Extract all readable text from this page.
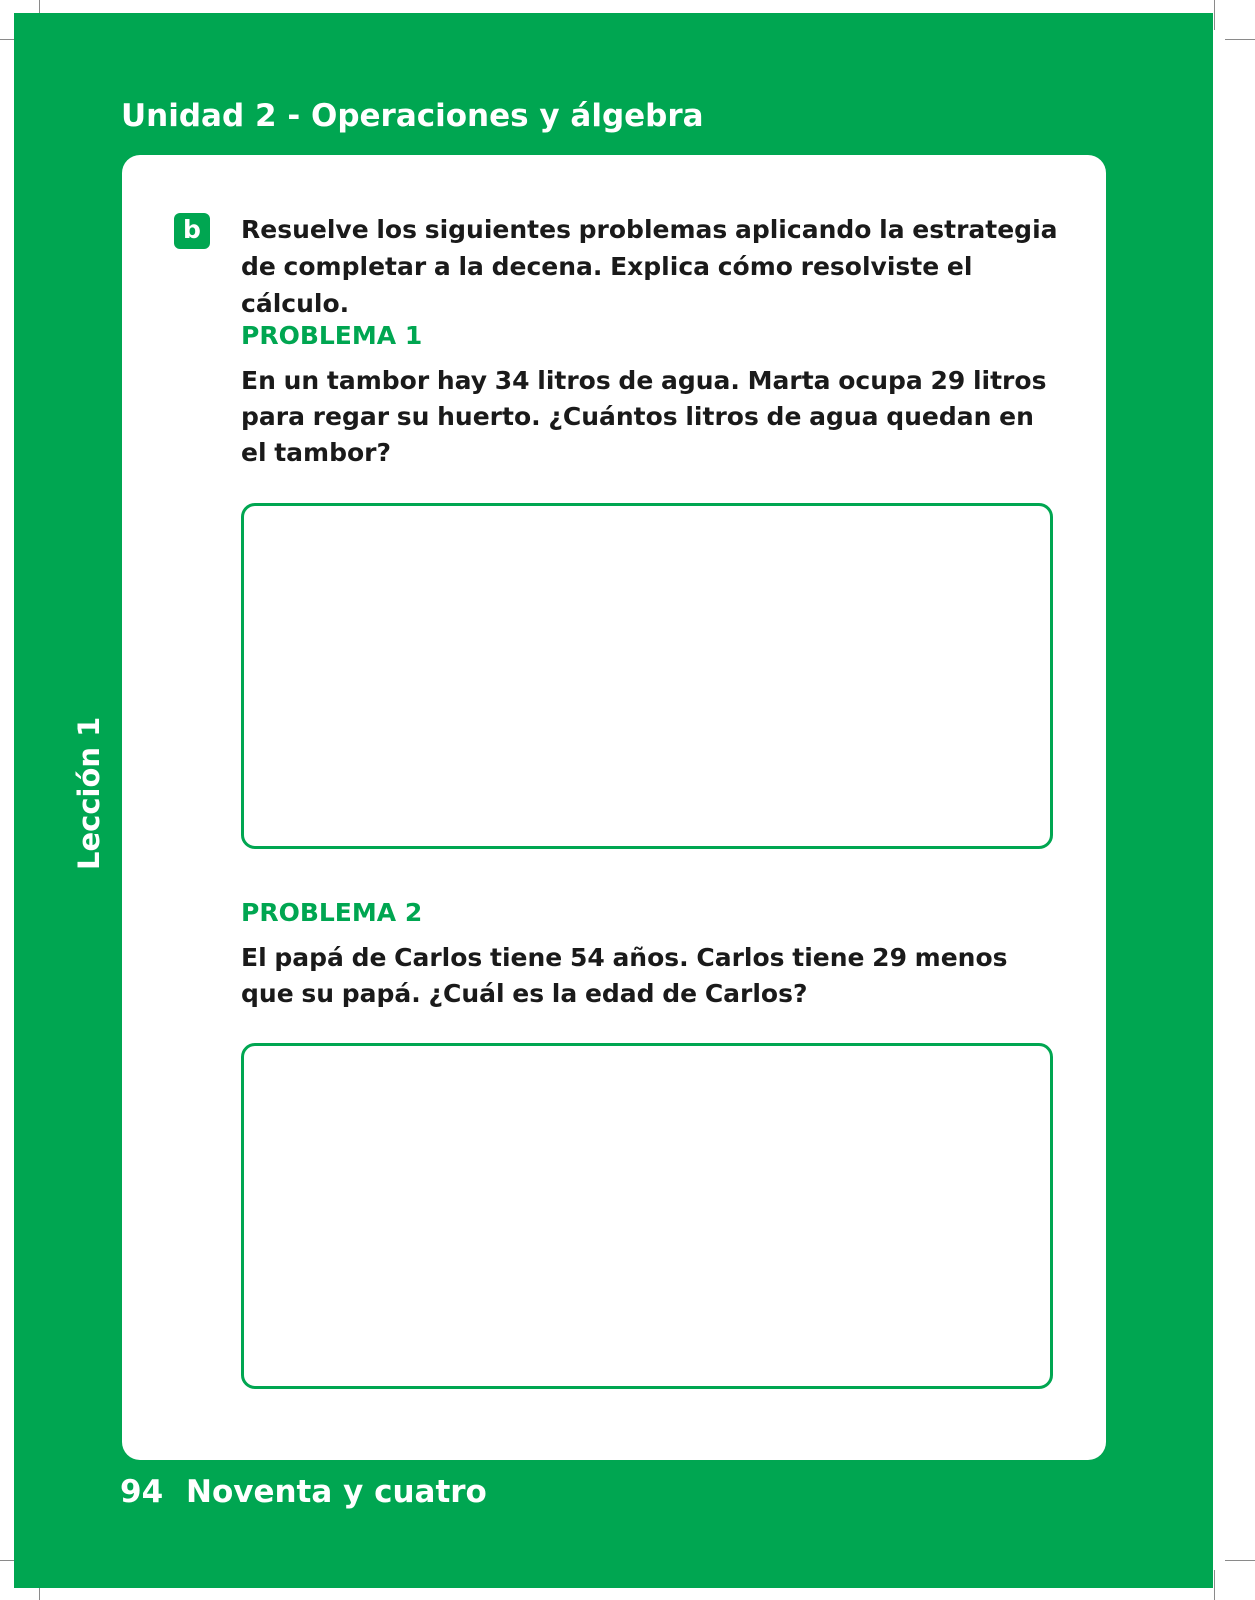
Unidad 2 - Operaciones y álgebra
Lección 1
b	Resuelve los siguientes problemas aplicando la estrategia de completar a la decena. Explica cómo resolviste el cálculo.

PROBLEMA 1

En un tambor hay 34 litros de agua. Marta ocupa 29 litros para regar su huerto. ¿Cuántos litros de agua quedan en el tambor?

PROBLEMA 2

El papá de Carlos tiene 54 años. Carlos tiene 29 menos que su papá. ¿Cuál es la edad de Carlos?

94 Noventa y cuatro
